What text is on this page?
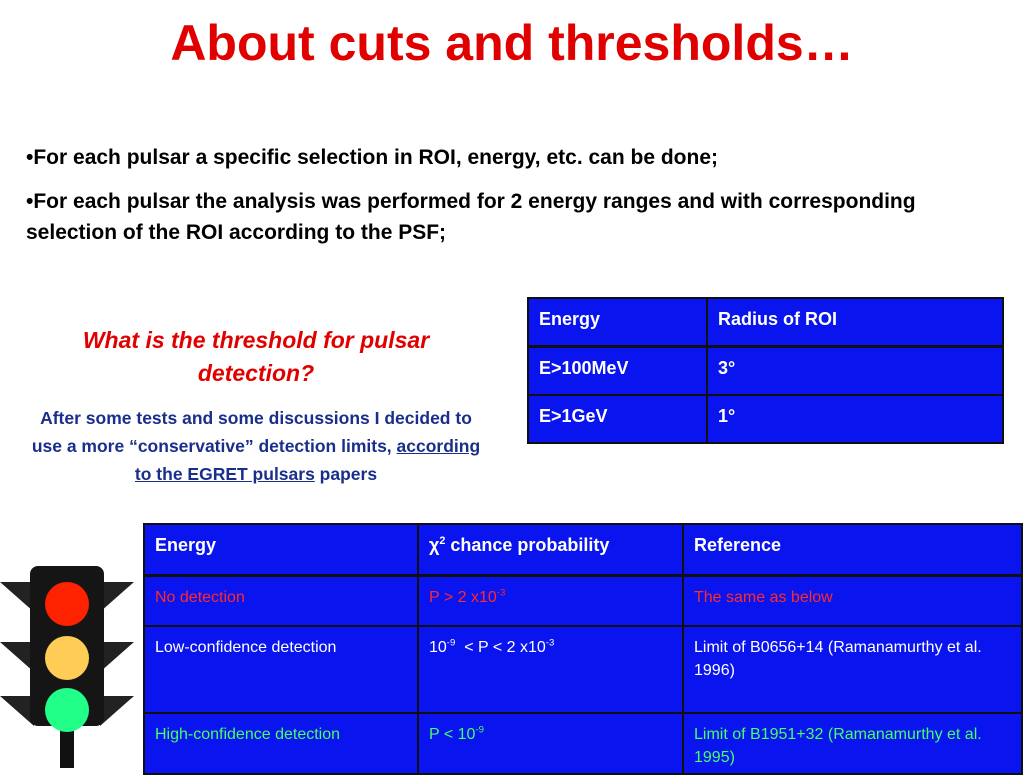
About cuts and thresholds…

•For each pulsar a specific selection in ROI, energy, etc. can be done;

•For each pulsar the analysis was performed for 2 energy ranges and with corresponding selection of the ROI according to the PSF;

What is the threshold for pulsar detection?
After some tests and some discussions I decided to use a more “conservative” detection limits, according to the EGRET pulsars papers
Energy	Radius of ROI
E>100MeV	3°
E>1GeV	1°
Energy	$\chi^2$ chance probability	Reference
No detection	P > 2 $x10^{-3}$	The same as below
Low-confidence detection	$10^{-9} < P < 2$ $x10^{-3}$	Limit of B0656+14 (Ramanamurthy et al. 1996)
High-confidence detection	$P < 10^{-9}$	Limit of B1951+32 (Ramanamurthy et al. 1995)
